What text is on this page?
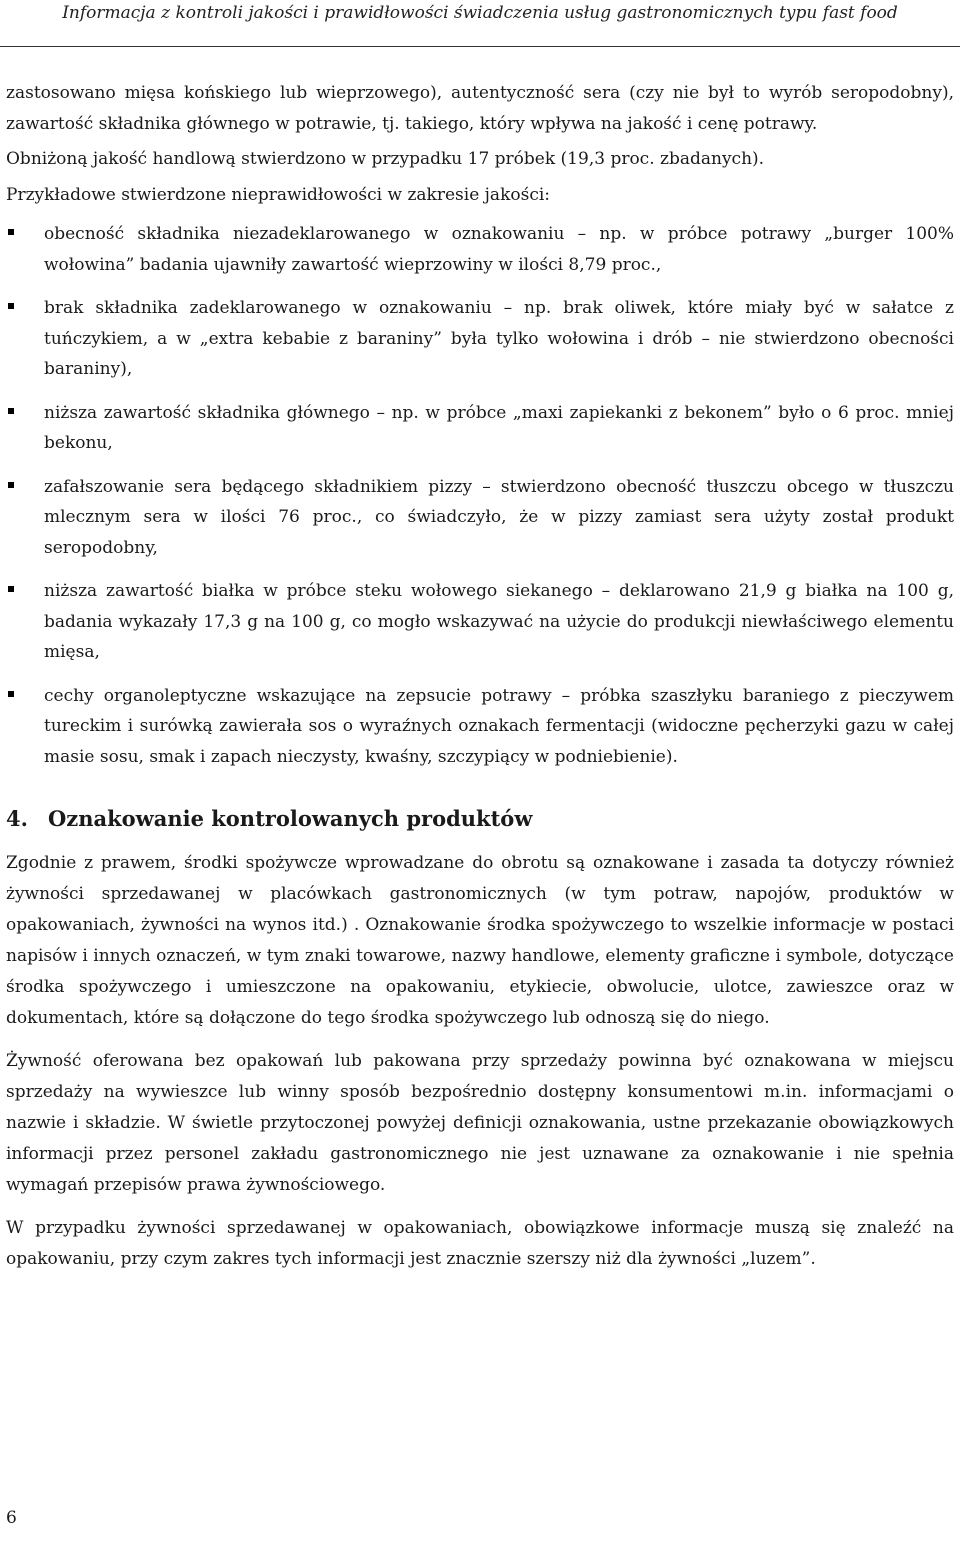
Informacja z kontroli jakości i prawidłowości świadczenia usług gastronomicznych typu fast food

zastosowano mięsa końskiego lub wieprzowego), autentyczność sera (czy nie był to wyrób seropodobny), zawartość składnika głównego w potrawie, tj. takiego, który wpływa na jakość i cenę potrawy.

Obniżoną jakość handlową stwierdzono w przypadku 17 próbek (19,3 proc. zbadanych).

Przykładowe stwierdzone nieprawidłowości w zakresie jakości:

obecność składnika niezadeklarowanego w oznakowaniu – np. w próbce potrawy „burger 100% wołowina” badania ujawniły zawartość wieprzowiny w ilości 8,79 proc.,
brak składnika zadeklarowanego w oznakowaniu – np. brak oliwek, które miały być w sałatce z tuńczykiem, a w „extra kebabie z baraniny” była tylko wołowina i drób – nie stwierdzono obecności baraniny),
niższa zawartość składnika głównego – np. w próbce „maxi zapiekanki z bekonem” było o 6 proc. mniej bekonu,
zafałszowanie sera będącego składnikiem pizzy – stwierdzono obecność tłuszczu obcego w tłuszczu mlecznym sera w ilości 76 proc., co świadczyło, że w pizzy zamiast sera użyty został produkt seropodobny,
niższa zawartość białka w próbce steku wołowego siekanego – deklarowano 21,9 g białka na 100 g, badania wykazały 17,3 g na 100 g, co mogło wskazywać na użycie do produkcji niewłaściwego elementu mięsa,
cechy organoleptyczne wskazujące na zepsucie potrawy – próbka szaszłyku baraniego z pieczywem tureckim i surówką zawierała sos o wyraźnych oznakach fermentacji (widoczne pęcherzyki gazu w całej masie sosu, smak i zapach nieczysty, kwaśny, szczypiący w podniebienie).
4. Oznakowanie kontrolowanych produktów

Zgodnie z prawem, środki spożywcze wprowadzane do obrotu są oznakowane i zasada ta dotyczy również żywności sprzedawanej w placówkach gastronomicznych (w tym potraw, napojów, produktów w opakowaniach, żywności na wynos itd.) . Oznakowanie środka spożywczego to wszelkie informacje w postaci napisów i innych oznaczeń, w tym znaki towarowe, nazwy handlowe, elementy graficzne i symbole, dotyczące środka spożywczego i umieszczone na opakowaniu, etykiecie, obwolucie, ulotce, zawieszce oraz w dokumentach, które są dołączone do tego środka spożywczego lub odnoszą się do niego.

Żywność oferowana bez opakowań lub pakowana przy sprzedaży powinna być oznakowana w miejscu sprzedaży na wywieszce lub winny sposób bezpośrednio dostępny konsumentowi m.in. informacjami o nazwie i składzie. W świetle przytoczonej powyżej definicji oznakowania, ustne przekazanie obowiązkowych informacji przez personel zakładu gastronomicznego nie jest uznawane za oznakowanie i nie spełnia wymagań przepisów prawa żywnościowego.

W przypadku żywności sprzedawanej w opakowaniach, obowiązkowe informacje muszą się znaleźć na opakowaniu, przy czym zakres tych informacji jest znacznie szerszy niż dla żywności „luzem”.

6
